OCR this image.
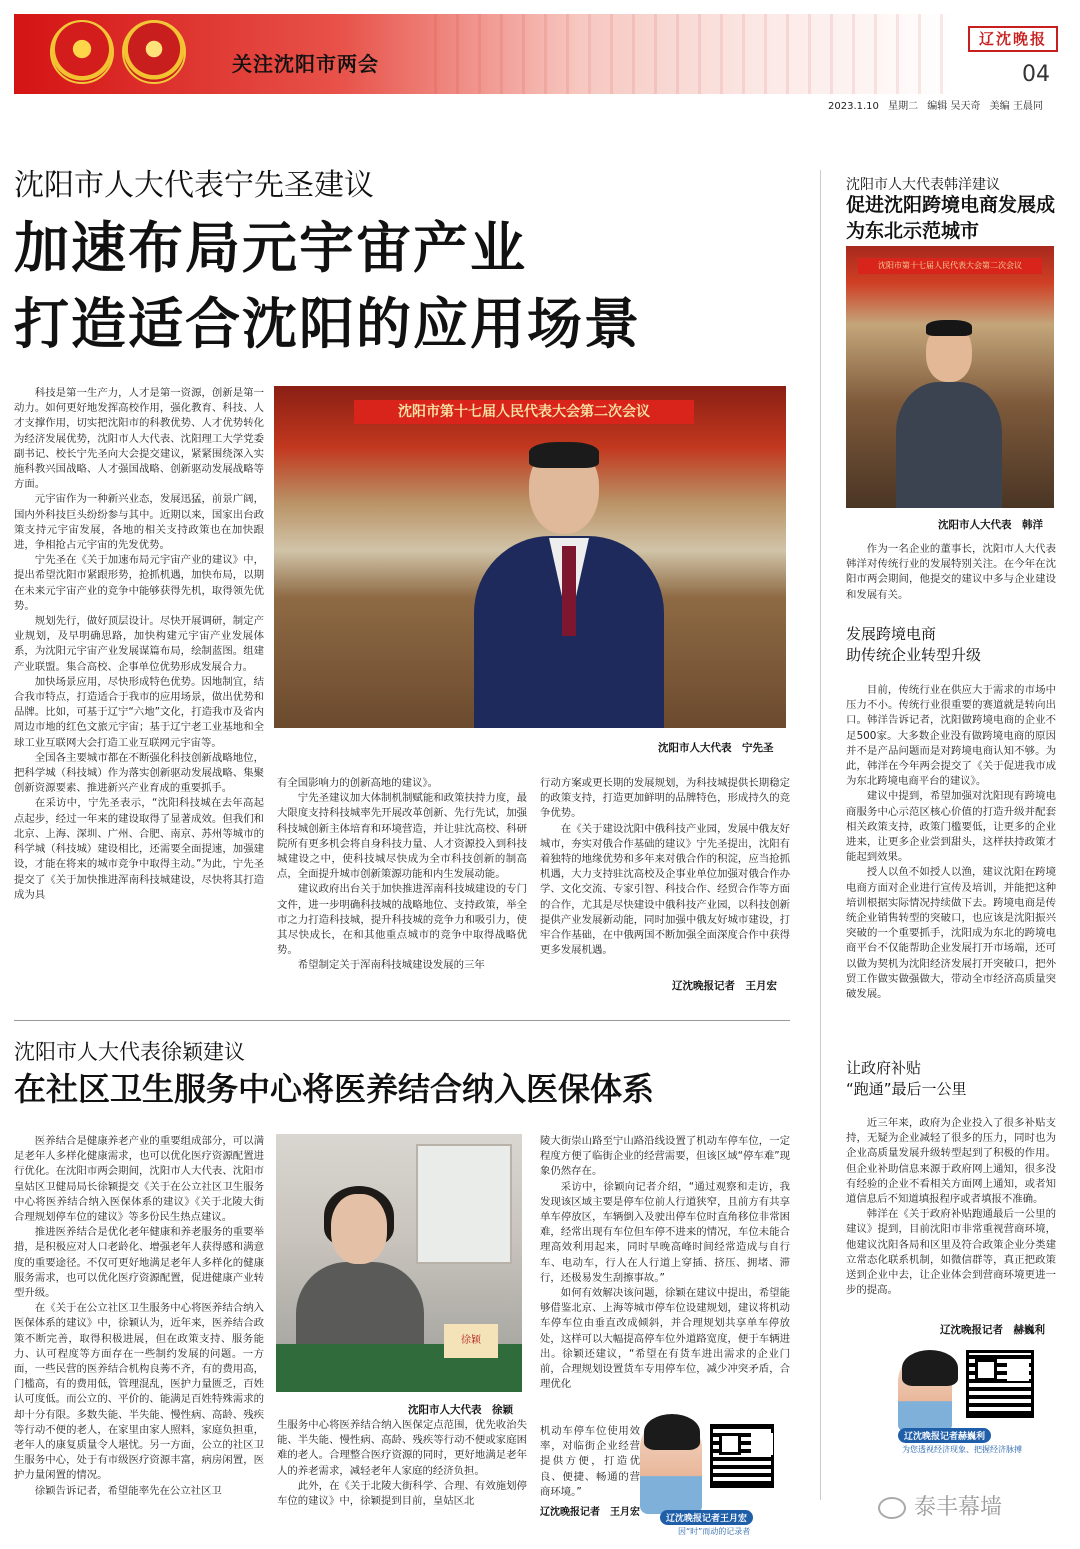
关注沈阳市两会
辽沈晚报
04
2023.1.10 星期二 编辑 吴天奇 美编 王晨同
沈阳市人大代表宁先圣建议
加速布局元宇宙产业
打造适合沈阳的应用场景

科技是第一生产力，人才是第一资源，创新是第一动力。如何更好地发挥高校作用，强化教育、科技、人才支撑作用，切实把沈阳市的科教优势、人才优势转化为经济发展优势，沈阳市人大代表、沈阳理工大学党委副书记、校长宁先圣向大会提交建议，紧紧围绕深入实施科教兴国战略、人才强国战略、创新驱动发展战略等方面。

元宇宙作为一种新兴业态，发展迅猛，前景广阔，国内外科技巨头纷纷参与其中。近期以来，国家出台政策支持元宇宙发展，各地的相关支持政策也在加快跟进，争相抢占元宇宙的先发优势。

宁先圣在《关于加速布局元宇宙产业的建议》中，提出希望沈阳市紧跟形势，抢抓机遇，加快布局，以期在未来元宇宙产业的竞争中能够获得先机，取得领先优势。

规划先行，做好顶层设计。尽快开展调研，制定产业规划，及早明确思路，加快构建元宇宙产业发展体系，为沈阳元宇宙产业发展谋篇布局，绘制蓝图。组建产业联盟。集合高校、企事单位优势形成发展合力。

加快场景应用，尽快形成特色优势。因地制宜，结合我市特点，打造适合于我市的应用场景，做出优势和品牌。比如，可基于辽宁“六地”文化，打造我市及省内周边市地的红色文旅元宇宙；基于辽宁老工业基地和全球工业互联网大会打造工业互联网元宇宙等。

全国各主要城市都在不断强化科技创新战略地位，把科学城（科技城）作为落实创新驱动发展战略、集聚创新资源要素、推进新兴产业育成的重要抓手。

在采访中，宁先圣表示，“沈阳科技城在去年高起点起步，经过一年来的建设取得了显著成效。但我们和北京、上海、深圳、广州、合肥、南京、苏州等城市的科学城（科技城）建设相比，还需要全面提速，加强建设，才能在将来的城市竞争中取得主动。”为此，宁先圣提交了《关于加快推进浑南科技城建设，尽快将其打造成为具

沈阳市第十七届人民代表大会第二次会议
沈阳市人大代表　宁先圣

有全国影响力的创新高地的建议》。

宁先圣建议加大体制机制赋能和政策扶持力度，最大限度支持科技城率先开展改革创新、先行先试，加强科技城创新主体培育和环境营造，并让驻沈高校、科研院所有更多机会将自身科技力量、人才资源投入到科技城建设之中，使科技城尽快成为全市科技创新的制高点，全面提升城市创新策源功能和内生发展动能。

建议政府出台关于加快推进浑南科技城建设的专门文件，进一步明确科技城的战略地位、支持政策，举全市之力打造科技城，提升科技城的竞争力和吸引力，使其尽快成长，在和其他重点城市的竞争中取得战略优势。

希望制定关于浑南科技城建设发展的三年

行动方案或更长期的发展规划，为科技城提供长期稳定的政策支持，打造更加鲜明的品牌特色，形成持久的竞争优势。

在《关于建设沈阳中俄科技产业园，发展中俄友好城市，夯实对俄合作基础的建议》宁先圣提出，沈阳有着独特的地缘优势和多年来对俄合作的积淀，应当抢抓机遇，大力支持驻沈高校及企事业单位加强对俄合作办学、文化交流、专家引智、科技合作、经贸合作等方面的合作，尤其是尽快建设中俄科技产业园，以科技创新提供产业发展新动能，同时加强中俄友好城市建设，打牢合作基础，在中俄两国不断加强全面深度合作中获得更多发展机遇。

辽沈晚报记者　王月宏
沈阳市人大代表徐颖建议
在社区卫生服务中心将医养结合纳入医保体系

医养结合是健康养老产业的重要组成部分，可以满足老年人多样化健康需求，也可以优化医疗资源配置进行优化。在沈阳市两会期间，沈阳市人大代表、沈阳市皇姑区卫健局局长徐颖提交《关于在公立社区卫生服务中心将医养结合纳入医保体系的建议》《关于北陵大街合理规划停车位的建议》等多份民生热点建议。

推进医养结合是优化老年健康和养老服务的重要举措，是积极应对人口老龄化、增强老年人获得感和满意度的重要途径。不仅可更好地满足老年人多样化的健康服务需求，也可以优化医疗资源配置，促进健康产业转型升级。

在《关于在公立社区卫生服务中心将医养结合纳入医保体系的建议》中，徐颖认为，近年来，医养结合政策不断完善，取得积极进展，但在政策支持、服务能力、认可程度等方面存在一些制约发展的问题。一方面，一些民营的医养结合机构良莠不齐，有的费用高，门槛高，有的费用低，管理混乱，医护力量匮乏，百姓认可度低。而公立的、平价的、能满足百姓特殊需求的却十分有限。多数失能、半失能、慢性病、高龄、残疾等行动不便的老人，在家里由家人照料，家庭负担重，老年人的康复质量令人堪忧。另一方面，公立的社区卫生服务中心，处于有市级医疗资源丰富，病房闲置，医护力量闲置的情况。

徐颖告诉记者，希望能率先在公立社区卫

徐颖
沈阳市人大代表　徐颖

生服务中心将医养结合纳入医保定点范围，优先收治失能、半失能、慢性病、高龄、残疾等行动不便或家庭困难的老人。合理整合医疗资源的同时，更好地满足老年人的养老需求，减轻老年人家庭的经济负担。

此外，在《关于北陵大街科学、合理、有效施划停车位的建议》中，徐颖提到目前，皇姑区北

陵大街崇山路至宁山路沿线设置了机动车停车位，一定程度方便了临街企业的经营需要，但该区域“停车难”现象仍然存在。

采访中，徐颖向记者介绍，“通过观察和走访，我发现该区域主要是停车位前人行道狭窄，且前方有共享单车停放区，车辆倒入及驶出停车位时直角移位非常困难，经常出现有车位但车停不进来的情况，车位未能合理高效利用起来，同时早晚高峰时间经常造成与自行车、电动车，行人在人行道上穿插、挤压、拥堵、滞行，还极易发生刮擦事故。”

如何有效解决该问题，徐颖在建议中提出，希望能够借鉴北京、上海等城市停车位设建规划，建议将机动车停车位由垂直改成倾斜，并合理规划共享单车停放处，这样可以大幅提高停车位外道路宽度，便于车辆进出。徐颖还建议，“希望在有货车进出需求的企业门前，合理规划设置货车专用停车位，减少冲突矛盾，合理优化

机动车停车位使用效率，对临街企业经营提供方便，打造优良、便捷、畅通的营商环境。”

辽沈晚报记者　王月宏
辽沈晚报记者王月宏
因“时”而动的记录者
沈阳市人大代表韩洋建议
促进沈阳跨境电商发展成为东北示范城市
沈阳市第十七届人民代表大会第二次会议
沈阳市人大代表　韩洋

作为一名企业的董事长，沈阳市人大代表韩洋对传统行业的发展特别关注。在今年在沈阳市两会期间，他提交的建议中多与企业建设和发展有关。

发展跨境电商
助传统企业转型升级

目前，传统行业在供应大于需求的市场中压力不小。传统行业很重要的赛道就是转向出口。韩洋告诉记者，沈阳做跨境电商的企业不足500家。大多数企业没有做跨境电商的原因并不是产品问题而是对跨境电商认知不够。为此，韩洋在今年两会提交了《关于促进我市成为东北跨境电商平台的建议》。

建议中提到，希望加强对沈阳现有跨境电商服务中心示范区核心价值的打造升级并配套相关政策支持，政策门槛要低，让更多的企业进来，让更多企业尝到甜头，这样扶持政策才能起到效果。

授人以鱼不如授人以渔，建议沈阳在跨境电商方面对企业进行宣传及培训，并能把这种培训根据实际情况持续做下去。跨境电商是传统企业销售转型的突破口，也应该是沈阳振兴突破的一个重要抓手，沈阳成为东北的跨境电商平台不仅能帮助企业发展打开市场端，还可以做为契机为沈阳经济发展打开突破口，把外贸工作做实做强做大，带动全市经济高质量突破发展。

让政府补贴
“跑通”最后一公里

近三年来，政府为企业投入了很多补贴支持，无疑为企业减轻了很多的压力，同时也为企业高质量发展升级转型起到了积极的作用。但企业补助信息来源于政府网上通知，很多没有经验的企业不看相关方面网上通知，或者知道信息后不知道填报程序或者填报不准确。

韩洋在《关于政府补贴跑通最后一公里的建议》提到，目前沈阳市非常重视营商环境，他建议沈阳各局和区里及符合政策企业分类建立常态化联系机制，如微信群等，真正把政策送到企业中去，让企业体会到营商环境更进一步的提高。

辽沈晚报记者　赫巍利
辽沈晚报记者赫巍利
为您透视经济现象、把握经济脉搏
泰丰幕墙
